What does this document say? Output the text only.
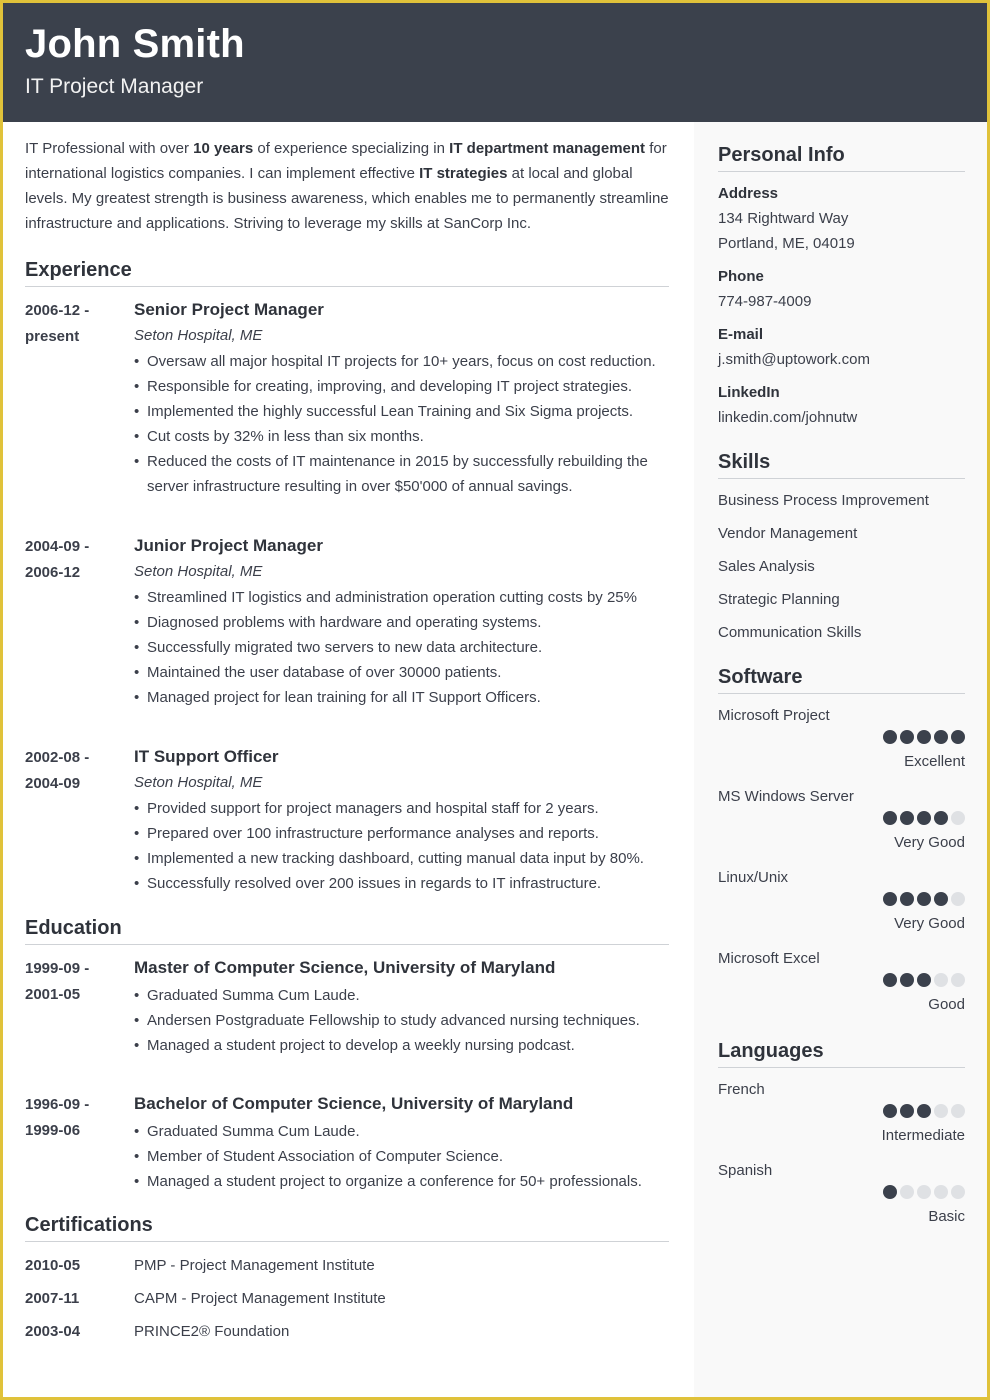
John Smith
IT Project Manager

IT Professional with over 10 years of experience specializing in IT department management for international logistics companies. I can implement effective IT strategies at local and global levels. My greatest strength is business awareness, which enables me to permanently streamline infrastructure and applications. Striving to leverage my skills at SanCorp Inc.

Experience
2006-12 -
present
Senior Project Manager
Seton Hospital, ME
• Oversaw all major hospital IT projects for 10+ years, focus on cost reduction.
• Responsible for creating, improving, and developing IT project strategies.
• Implemented the highly successful Lean Training and Six Sigma projects.
• Cut costs by 32% in less than six months.
• Reduced the costs of IT maintenance in 2015 by successfully rebuilding the server infrastructure resulting in over $50'000 of annual savings.
2004-09 -
2006-12
Junior Project Manager
Seton Hospital, ME
• Streamlined IT logistics and administration operation cutting costs by 25%
• Diagnosed problems with hardware and operating systems.
• Successfully migrated two servers to new data architecture.
• Maintained the user database of over 30000 patients.
• Managed project for lean training for all IT Support Officers.
2002-08 -
2004-09
IT Support Officer
Seton Hospital, ME
• Provided support for project managers and hospital staff for 2 years.
• Prepared over 100 infrastructure performance analyses and reports.
• Implemented a new tracking dashboard, cutting manual data input by 80%.
• Successfully resolved over 200 issues in regards to IT infrastructure.
Education
1999-09 -
2001-05
Master of Computer Science, University of Maryland
• Graduated Summa Cum Laude.
• Andersen Postgraduate Fellowship to study advanced nursing techniques.
• Managed a student project to develop a weekly nursing podcast.
1996-09 -
1999-06
Bachelor of Computer Science, University of Maryland
• Graduated Summa Cum Laude.
• Member of Student Association of Computer Science.
• Managed a student project to organize a conference for 50+ professionals.
Certifications
2010-05	PMP - Project Management Institute
2007-11	CAPM - Project Management Institute
2003-04	PRINCE2® Foundation
Personal Info
Address
134 Rightward Way
Portland, ME, 04019
Phone
774-987-4009
E-mail
j.smith@uptowork.com
LinkedIn
linkedin.com/johnutw
Skills
Business Process Improvement
Vendor Management
Sales Analysis
Strategic Planning
Communication Skills
Software
Microsoft Project
Excellent
MS Windows Server
Very Good
Linux/Unix
Very Good
Microsoft Excel
Good
Languages
French
Intermediate
Spanish
Basic
